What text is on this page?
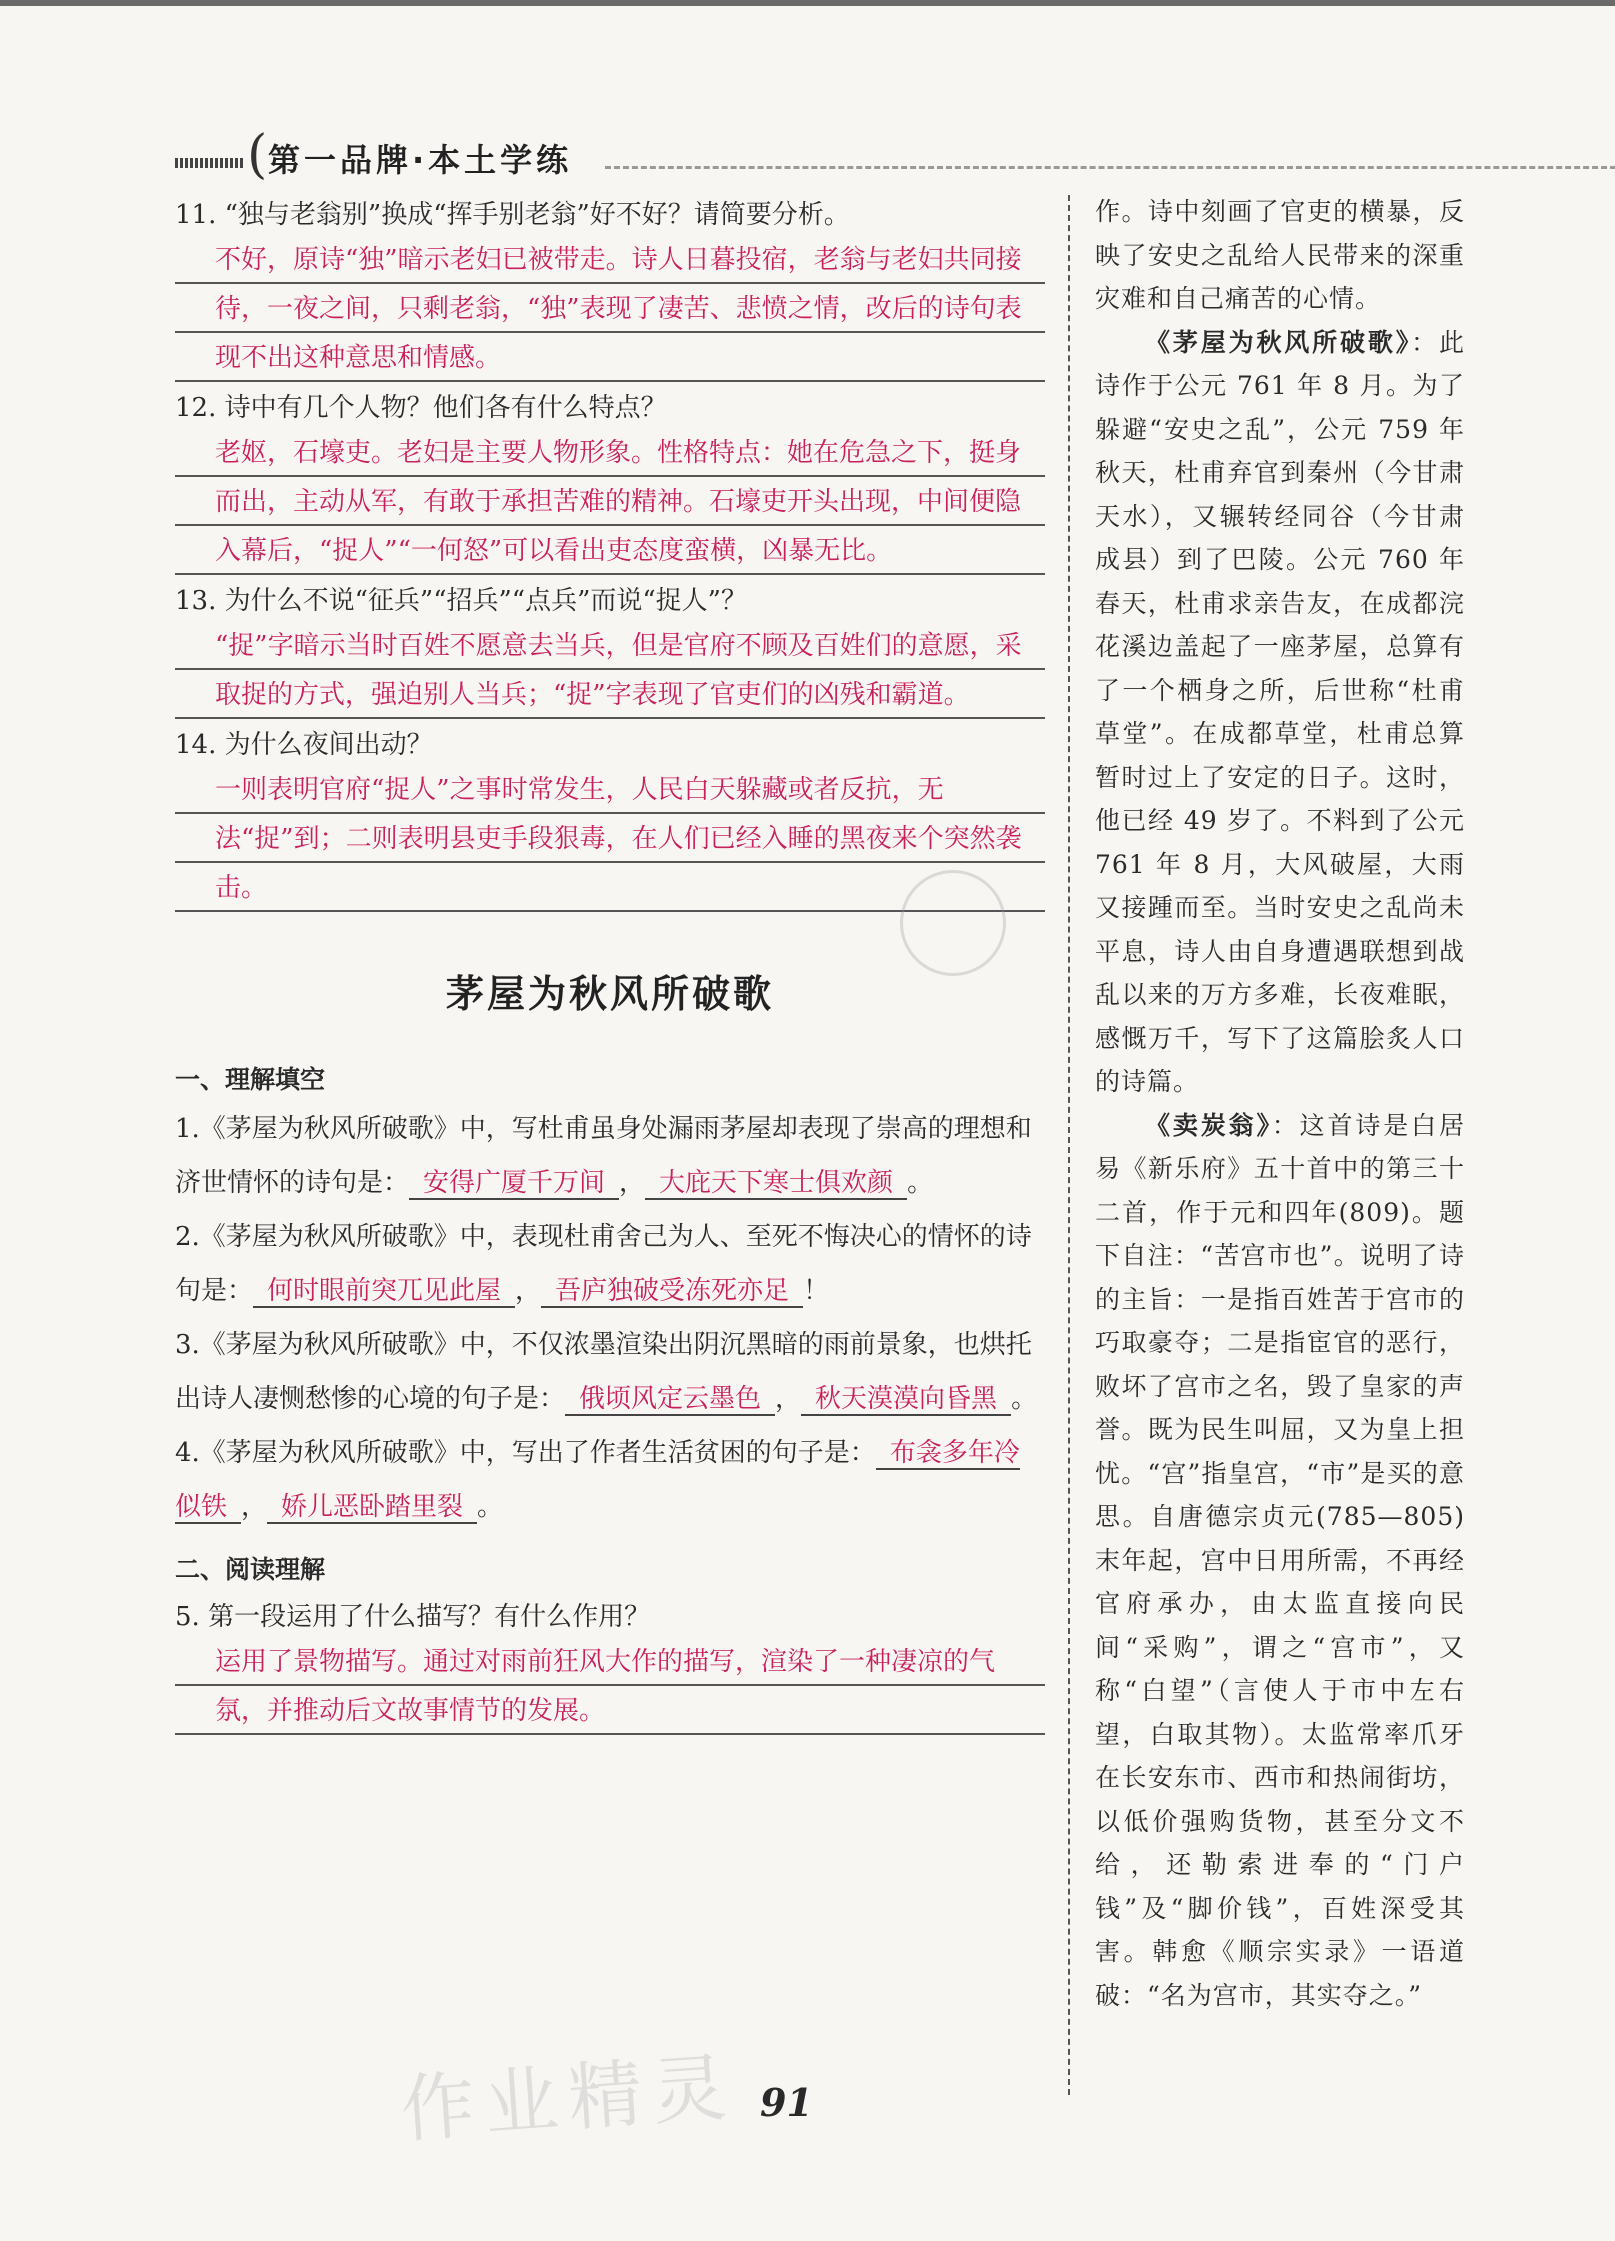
( 第一品牌·本土学练
11. “独与老翁别”换成“挥手别老翁”好不好？请简要分析。
不好，原诗“独”暗示老妇已被带走。诗人日暮投宿，老翁与老妇共同接待，一夜之间，只剩老翁，“独”表现了凄苦、悲愤之情，改后的诗句表现不出这种意思和情感。
12. 诗中有几个人物？他们各有什么特点？
老妪，石壕吏。老妇是主要人物形象。性格特点：她在危急之下，挺身而出，主动从军，有敢于承担苦难的精神。石壕吏开头出现，中间便隐入幕后，“捉人”“一何怒”可以看出吏态度蛮横，凶暴无比。
13. 为什么不说“征兵”“招兵”“点兵”而说“捉人”？
“捉”字暗示当时百姓不愿意去当兵，但是官府不顾及百姓们的意愿，采取捉的方式，强迫别人当兵；“捉”字表现了官吏们的凶残和霸道。
14. 为什么夜间出动？
一则表明官府“捉人”之事时常发生，人民白天躲藏或者反抗，无法“捉”到；二则表明县吏手段狠毒，在人们已经入睡的黑夜来个突然袭击。
茅屋为秋风所破歌
一、理解填空
1.《茅屋为秋风所破歌》中，写杜甫虽身处漏雨茅屋却表现了崇高的理想和济世情怀的诗句是： 安得广厦千万间 ， 大庇天下寒士俱欢颜 。
2.《茅屋为秋风所破歌》中，表现杜甫舍己为人、至死不悔决心的情怀的诗句是： 何时眼前突兀见此屋 ， 吾庐独破受冻死亦足 ！
3.《茅屋为秋风所破歌》中，不仅浓墨渲染出阴沉黑暗的雨前景象，也烘托出诗人凄恻愁惨的心境的句子是： 俄顷风定云墨色 ， 秋天漠漠向昏黑 。
4.《茅屋为秋风所破歌》中，写出了作者生活贫困的句子是： 布衾多年冷似铁 ， 娇儿恶卧踏里裂 。
二、阅读理解
5. 第一段运用了什么描写？有什么作用？
运用了景物描写。通过对雨前狂风大作的描写，渲染了一种凄凉的气氛，并推动后文故事情节的发展。
作。诗中刻画了官吏的横暴，反映了安史之乱给人民带来的深重灾难和自己痛苦的心情。
《茅屋为秋风所破歌》：此诗作于公元 761 年 8 月。为了躲避“安史之乱”，公元 759 年秋天，杜甫弃官到秦州（今甘肃天水），又辗转经同谷（今甘肃成县）到了巴陵。公元 760 年春天，杜甫求亲告友，在成都浣花溪边盖起了一座茅屋，总算有了一个栖身之所，后世称“杜甫草堂”。在成都草堂，杜甫总算暂时过上了安定的日子。这时，他已经 49 岁了。不料到了公元 761 年 8 月，大风破屋，大雨又接踵而至。当时安史之乱尚未平息，诗人由自身遭遇联想到战乱以来的万方多难，长夜难眠，感慨万千，写下了这篇脍炙人口的诗篇。
《卖炭翁》：这首诗是白居易《新乐府》五十首中的第三十二首，作于元和四年(809)。题下自注：“苦宫市也”。说明了诗的主旨：一是指百姓苦于宫市的巧取豪夺；二是指宦官的恶行，败坏了宫市之名，毁了皇家的声誉。既为民生叫屈，又为皇上担忧。“宫”指皇宫，“市”是买的意思。自唐德宗贞元(785—805)末年起，宫中日用所需，不再经官府承办，由太监直接向民间“采购”，谓之“宫市”，又称“白望”（言使人于市中左右望，白取其物）。太监常率爪牙在长安东市、西市和热闹街坊，以低价强购货物，甚至分文不给，还勒索进奉的“门户钱”及“脚价钱”，百姓深受其害。韩愈《顺宗实录》一语道破：“名为宫市，其实夺之。”
作业精灵 91
